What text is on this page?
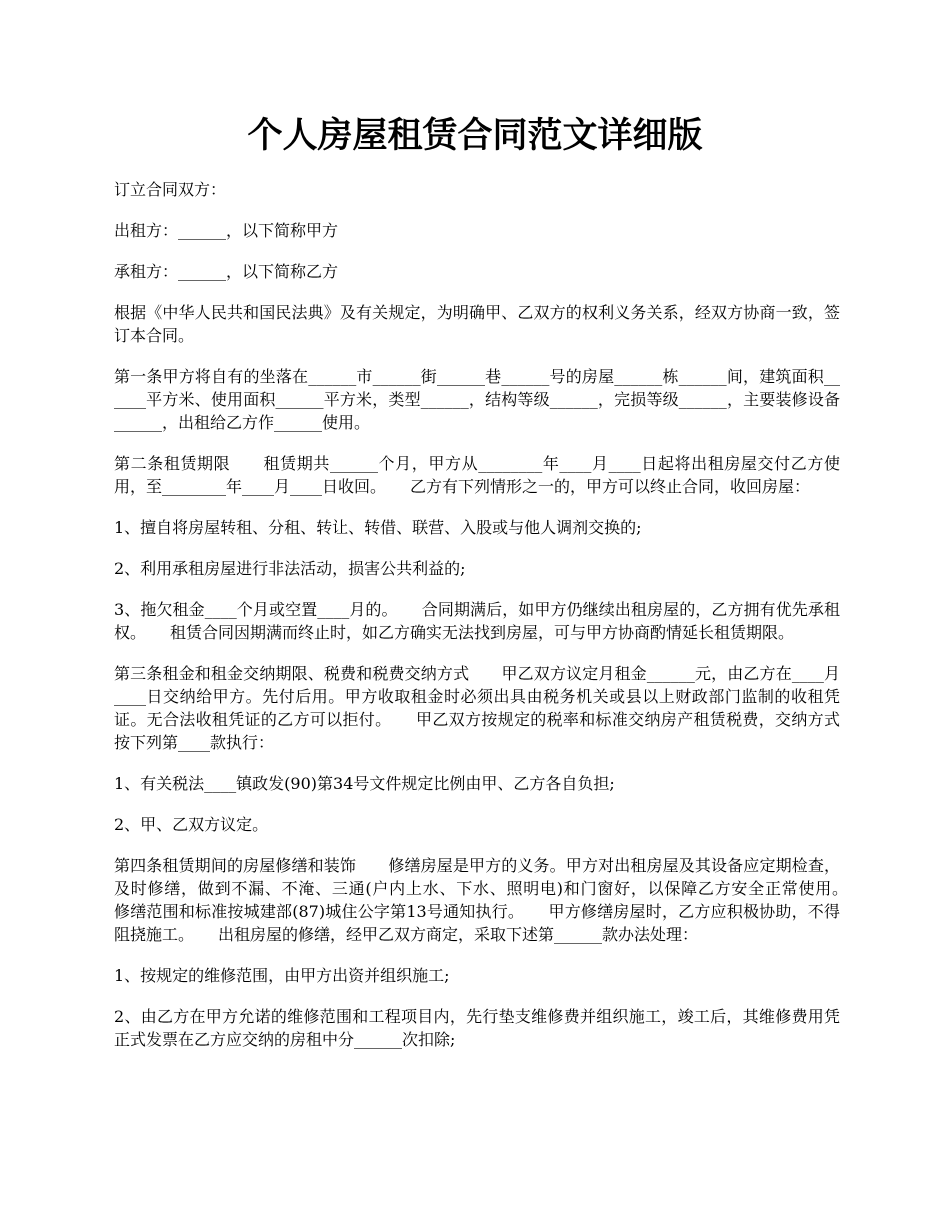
个人房屋租赁合同范文详细版

订立合同双方：

出租方：______，以下简称甲方

承租方：______，以下简称乙方

根据《中华人民共和国民法典》及有关规定，为明确甲、乙双方的权利义务关系，经双方协商一致，签订本合同。

第一条甲方将自有的坐落在______市______街______巷______号的房屋______栋______间，建筑面积______平方米、使用面积______平方米，类型______，结构等级______，完损等级______，主要装修设备______，出租给乙方作______使用。

第二条租赁期限　　租赁期共______个月，甲方从________年____月____日起将出租房屋交付乙方使用，至________年____月____日收回。　　乙方有下列情形之一的，甲方可以终止合同，收回房屋：

1、擅自将房屋转租、分租、转让、转借、联营、入股或与他人调剂交换的;

2、利用承租房屋进行非法活动，损害公共利益的;

3、拖欠租金____个月或空置____月的。　　合同期满后，如甲方仍继续出租房屋的，乙方拥有优先承租权。　　租赁合同因期满而终止时，如乙方确实无法找到房屋，可与甲方协商酌情延长租赁期限。

第三条租金和租金交纳期限、税费和税费交纳方式　　甲乙双方议定月租金______元，由乙方在____月____日交纳给甲方。先付后用。甲方收取租金时必须出具由税务机关或县以上财政部门监制的收租凭证。无合法收租凭证的乙方可以拒付。　　甲乙双方按规定的税率和标准交纳房产租赁税费，交纳方式按下列第____款执行：

1、有关税法____镇政发(90)第34号文件规定比例由甲、乙方各自负担;

2、甲、乙双方议定。

第四条租赁期间的房屋修缮和装饰　　修缮房屋是甲方的义务。甲方对出租房屋及其设备应定期检查，及时修缮，做到不漏、不淹、三通(户内上水、下水、照明电)和门窗好，以保障乙方安全正常使用。　　修缮范围和标准按城建部(87)城住公字第13号通知执行。　　甲方修缮房屋时，乙方应积极协助，不得阻挠施工。　　出租房屋的修缮，经甲乙双方商定，采取下述第______款办法处理：

1、按规定的维修范围，由甲方出资并组织施工;

2、由乙方在甲方允诺的维修范围和工程项目内，先行垫支维修费并组织施工，竣工后，其维修费用凭正式发票在乙方应交纳的房租中分______次扣除;
